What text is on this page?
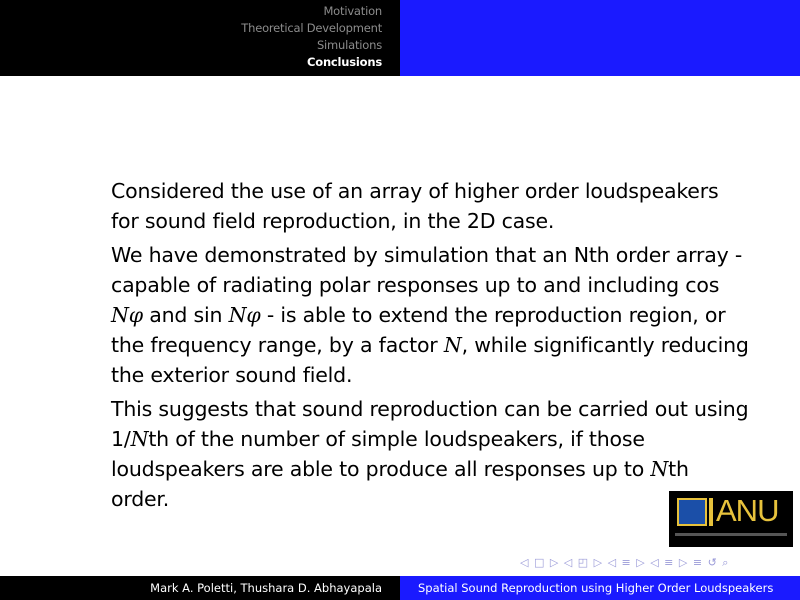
Motivation
Theoretical Development
Simulations
Conclusions

Considered the use of an array of higher order loudspeakers for sound field reproduction, in the 2D case.

We have demonstrated by simulation that an Nth order array - capable of radiating polar responses up to and including cos Nφ and sin Nφ - is able to extend the reproduction region, or the frequency range, by a factor N, while significantly reducing the exterior sound field.

This suggests that sound reproduction can be carried out using 1/Nth of the number of simple loudspeakers, if those loudspeakers are able to produce all responses up to Nth order.	ANU
◁ □ ▷ ◁ ◰ ▷ ◁ ≡ ▷ ◁ ≡ ▷ ≡ ↺ ⌕
Mark A. Poletti, Thushara D. Abhayapala	Spatial Sound Reproduction using Higher Order Loudspeakers
